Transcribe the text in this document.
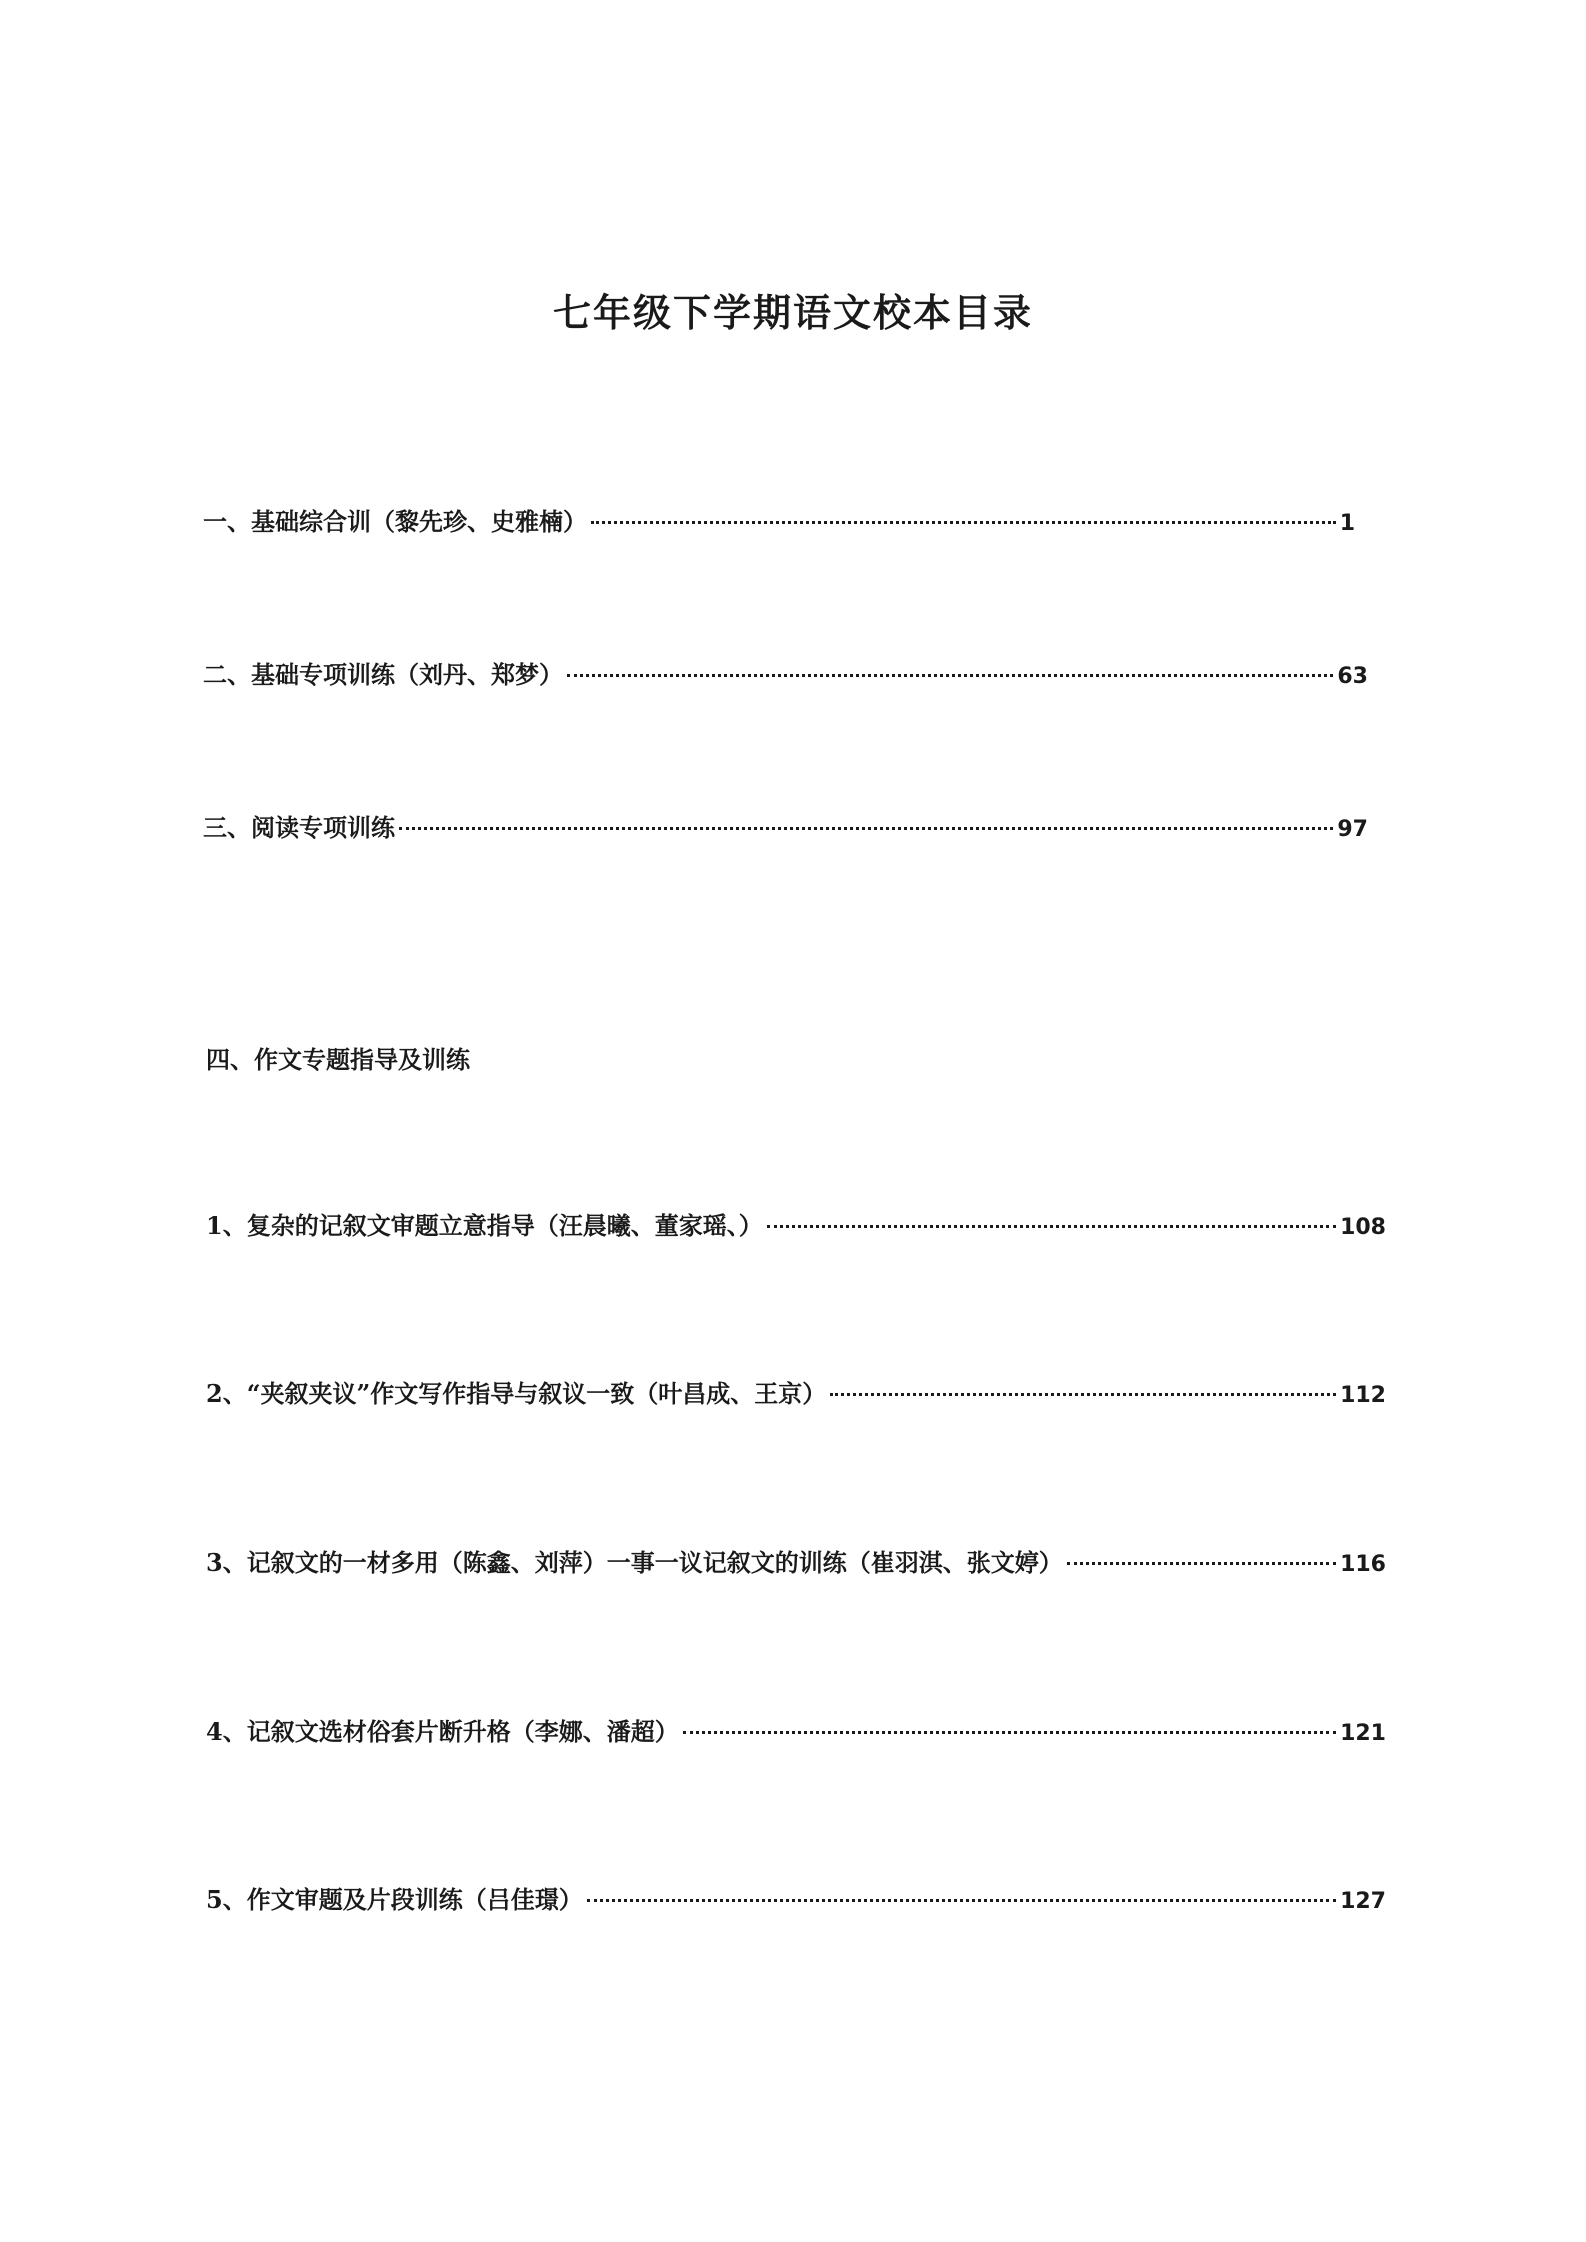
七年级下学期语文校本目录
一、基础综合训（黎先珍、史雅楠）	1
二、基础专项训练（刘丹、郑梦）	63
三、阅读专项训练	97
四、作文专题指导及训练
1、复杂的记叙文审题立意指导（汪晨曦、董家瑶、）	108
2、“夹叙夹议”作文写作指导与叙议一致（叶昌成、王京）	112
3、记叙文的一材多用（陈鑫、刘萍）一事一议记叙文的训练（崔羽淇、张文婷）	116
4、记叙文选材俗套片断升格（李娜、潘超）	121
5、作文审题及片段训练（吕佳璟）	127
